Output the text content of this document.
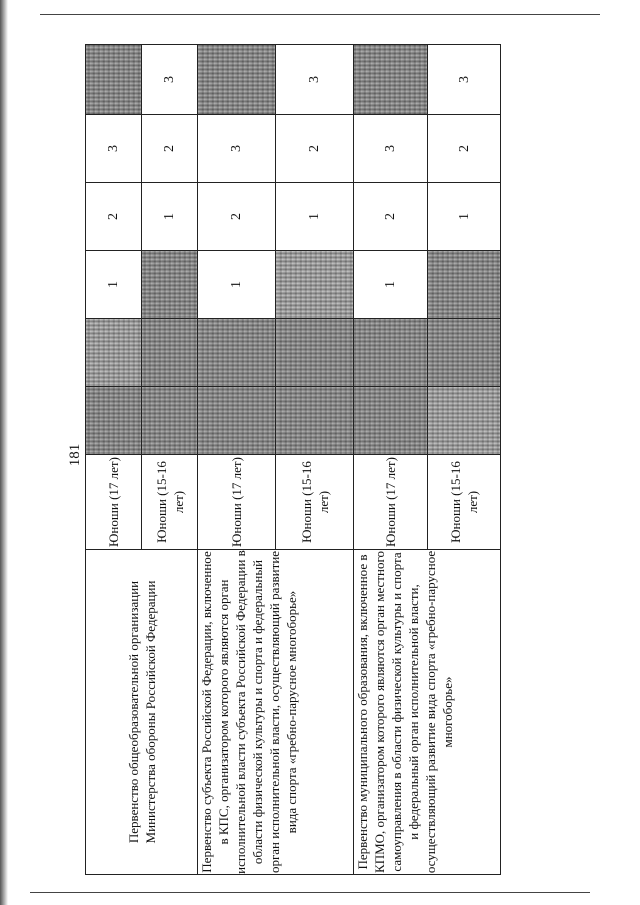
181
Первенство общеобразовательной организации Министерства обороны Российской Федерации	Юноши (17 лет)			1	2	3	
	Юноши (15-16 лет)				1	2	3
Первенство субъекта Российской Федерации, включенное в КПС, организатором которого являются орган исполнительной власти субъекта Российской Федерации в области физической культуры и спорта и федеральный орган исполнительной власти, осуществляющий развитие вида спорта «гребно-парусное многоборье»	Юноши (17 лет)			1	2	3	
	Юноши (15-16 лет)				1	2	3
Первенство муниципального образования, включенное в КПМО, организатором которого являются орган местного самоуправления в области физической культуры и спорта и федеральный орган исполнительной власти, осуществляющий развитие вида спорта «гребно-парусное многоборье»	Юноши (17 лет)			1	2	3	
	Юноши (15-16 лет)				1	2	3
